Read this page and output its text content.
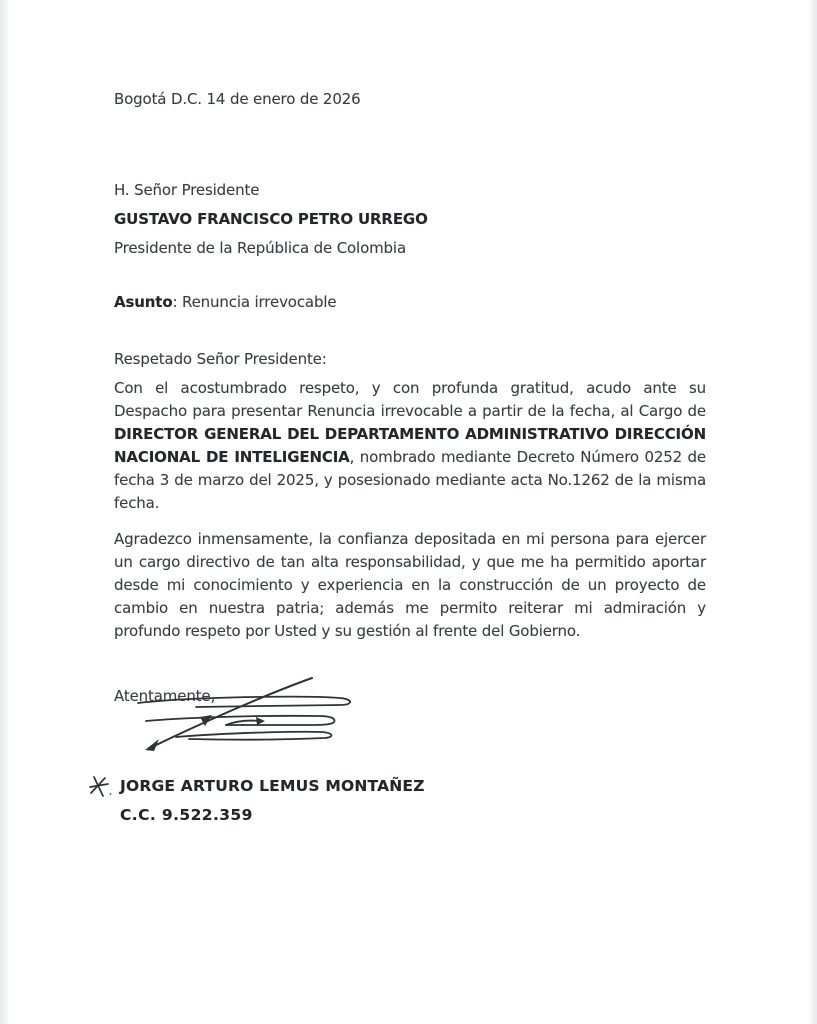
Bogotá D.C. 14 de enero de 2026
H. Señor Presidente
GUSTAVO FRANCISCO PETRO URREGO
Presidente de la República de Colombia
Asunto: Renuncia irrevocable
Respetado Señor Presidente:

Con el acostumbrado respeto, y con profunda gratitud, acudo ante su Despacho para presentar Renuncia irrevocable a partir de la fecha, al Cargo de DIRECTOR GENERAL DEL DEPARTAMENTO ADMINISTRATIVO DIRECCIÓN NACIONAL DE INTELIGENCIA, nombrado mediante Decreto Número 0252 de fecha 3 de marzo del 2025, y posesionado mediante acta No.1262 de la misma fecha.

Agradezco inmensamente, la confianza depositada en mi persona para ejercer un cargo directivo de tan alta responsabilidad, y que me ha permitido aportar desde mi conocimiento y experiencia en la construcción de un proyecto de cambio en nuestra patria; además me permito reiterar mi admiración y profundo respeto por Usted y su gestión al frente del Gobierno.

Atentamente,
JORGE ARTURO LEMUS MONTAÑEZ
C.C. 9.522.359
